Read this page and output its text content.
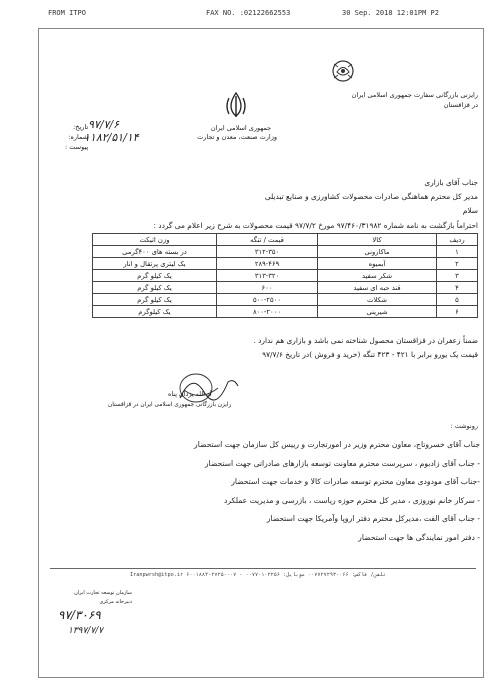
FROM ITPO	FAX NO. :02122662553	30 Sep. 2018 12:01PM P2
رایزنی بازرگانی سفارت جمهوری اسلامی ایران
در قزاقستان
جمهوری اسلامی ایران
وزارت صنعت، معدن و تجارت
تاریخ:
شماره:
پیوست :
۹۷/۷/۶
۱۱۸۲/۵۱/۱۴
جناب آقای بازاری
مدیر کل محترم هماهنگی صادرات محصولات کشاورزی و صنایع تبدیلی
سلام
احتراماً بازگشت به نامه شماره ۹۷/۴۶۰/۳۱۹۸۲ مورخ ۹۷/۷/۲ قیمت محصولات به شرح زیر اعلام می گردد :
ردیف	کالا	قیمت / تنگه	وزن اتیکت
۱	ماکارونی	۳۱۲-۳۵۰	در بسته های ۴۰۰گرمی
۲	آبمیوه	۲۸۹-۴۶۹	یک لیتری پرتقال و انار
۳	شکر سفید	۳۱۳-۳۲۰	یک کیلو گرم
۴	قند حبه ای سفید	۶۰۰	یک کیلو گرم
۵	شکلات	۵۰۰-۲۵۰۰	یک کیلو گرم
۶	شیرینی	۸۰۰-۲۰۰۰	یک کیلوگرم
ضمناً زعفران در قزاقستان محصول شناخته نمی باشد و بازاری هم ندارد .
قیمت یک یورو برابر با ۴۲۱ - ۴۲۳ تنگه (خرید و فروش )در تاریخ ۹۷/۷/۶
آد الله یزدان پناه
رایزن بازرگانی جمهوری اسلامی ایران در قزاقستان
رونوشت :
جناب آقای خسروتاج، معاون محترم وزیر در امورتجارت و رییس کل سازمان جهت استحضار
- جناب آقای زادبوم ، سرپرست محترم معاونت توسعه بازارهای صادراتی جهت استحضار
-جناب آقای مودودی معاون محترم توسعه صادرات کالا و خدمات جهت استحضار
- سرکار خانم نوروزی ، مدیر کل محترم حوزه ریاست ، بازرسی و مدیریت عملکرد
- جناب آقای الفت ،مدیرکل محترم دفتر اروپا وآمریکا جهت استحضار
- دفتر امور نمایندگی ها جهت استحضار
Iranpwrsh@itpo.ir تلفن/ فاکس: ۰۰۷۷۲۷۲۹۳۰۰۶۶ موبایل: ۰۰۷۷۰۱۰۲۲۵۶ - ۰۰۷-۲۷۲۵-۶۰۰۱۸۸۴
سازمان توسعه تجارت ایران
دبیرخانه مرکزی
۹۷/۳۰۶۹
۱۳۹۷/۷/۷
